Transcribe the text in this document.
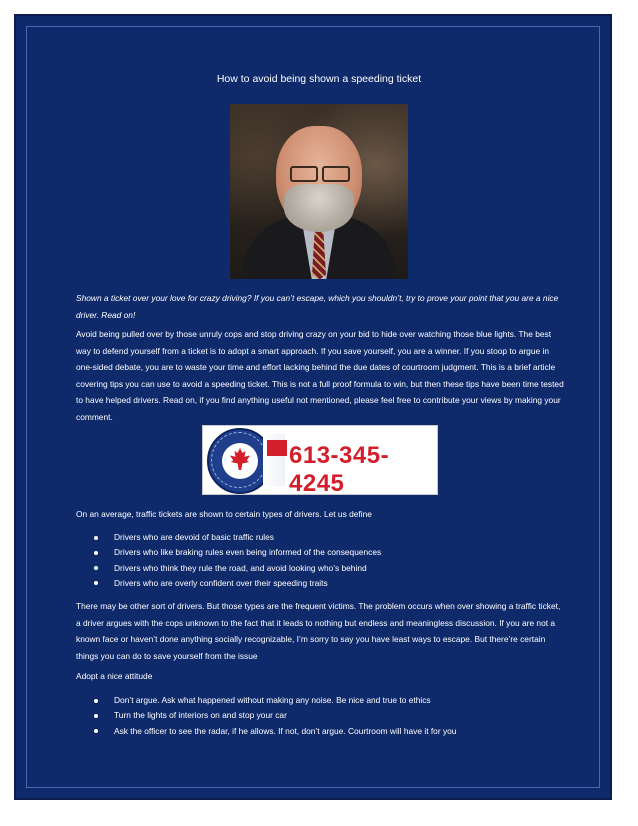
How to avoid being shown a speeding ticket

Shown a ticket over your love for crazy driving? If you can’t escape, which you shouldn’t, try to prove your point that you are a nice driver. Read on!

Avoid being pulled over by those unruly cops and stop driving crazy on your bid to hide over watching those blue lights. The best way to defend yourself from a ticket is to adopt a smart approach. If you save yourself, you are a winner. If you stoop to argue in one-sided debate, you are to waste your time and effort lacking behind the due dates of courtroom judgment. This is a brief article covering tips you can use to avoid a speeding ticket. This is not a full proof formula to win, but then these tips have been time tested to have helped drivers. Read on, if you find anything useful not mentioned, please feel free to contribute your views by making your comment.

613-345-4245

On an average, traffic tickets are shown to certain types of drivers. Let us define

Drivers who are devoid of basic traffic rules
Drivers who like braking rules even being informed of the consequences
Drivers who think they rule the road, and avoid looking who’s behind
Drivers who are overly confident over their speeding traits

There may be other sort of drivers. But those types are the frequent victims. The problem occurs when over showing a traffic ticket, a driver argues with the cops unknown to the fact that it leads to nothing but endless and meaningless discussion. If you are not a known face or haven’t done anything socially recognizable, I’m sorry to say you have least ways to escape. But there’re certain things you can do to save yourself from the issue

Adopt a nice attitude

Don’t argue. Ask what happened without making any noise. Be nice and true to ethics
Turn the lights of interiors on and stop your car
Ask the officer to see the radar, if he allows. If not, don’t argue. Courtroom will have it for you
